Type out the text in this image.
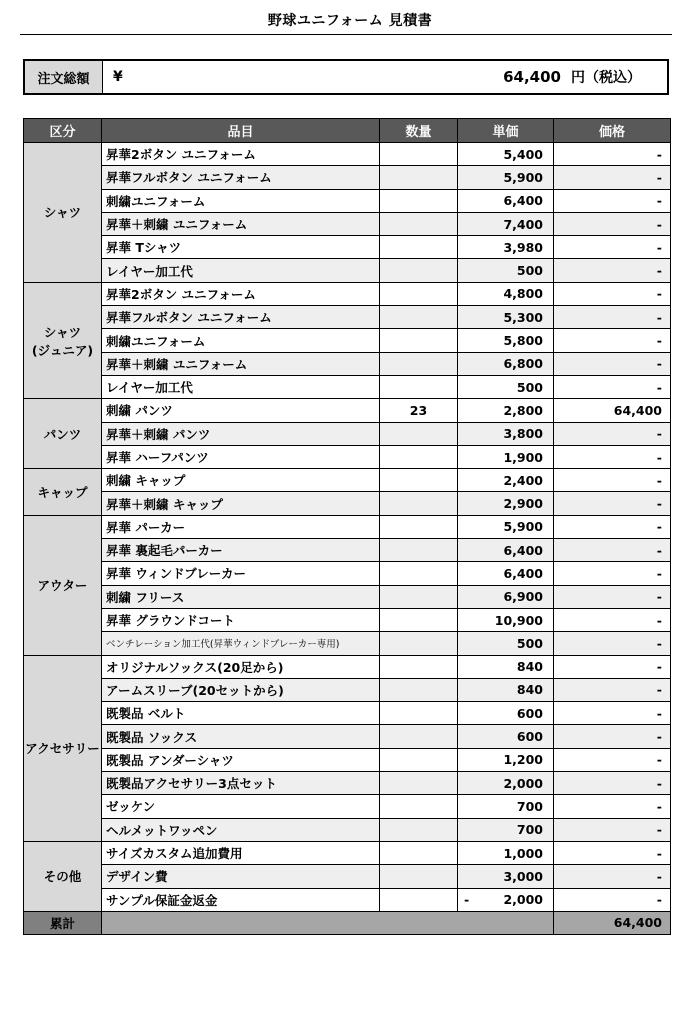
野球ユニフォーム 見積書
注文総額	¥	64,400 円（税込）
区分	品目	数量	単価	価格
シャツ	昇華2ボタン ユニフォーム		5,400	-
	昇華フルボタン ユニフォーム		5,900	-
	刺繍ユニフォーム		6,400	-
	昇華＋刺繍 ユニフォーム		7,400	-
	昇華 Tシャツ		3,980	-
	レイヤー加工代		500	-
シャツ
(ジュニア)	昇華2ボタン ユニフォーム		4,800	-
	昇華フルボタン ユニフォーム		5,300	-
	刺繍ユニフォーム		5,800	-
	昇華＋刺繍 ユニフォーム		6,800	-
	レイヤー加工代		500	-
パンツ	刺繍 パンツ	23	2,800	64,400
	昇華＋刺繍 パンツ		3,800	-
	昇華 ハーフパンツ		1,900	-
キャップ	刺繍 キャップ		2,400	-
	昇華＋刺繍 キャップ		2,900	-
アウター	昇華 パーカー		5,900	-
	昇華 裏起毛パーカー		6,400	-
	昇華 ウィンドブレーカー		6,400	-
	刺繍 フリース		6,900	-
	昇華 グラウンドコート		10,900	-
	ベンチレーション加工代(昇華ウィンドブレーカー専用)		500	-
アクセサリー	オリジナルソックス(20足から)		840	-
	アームスリーブ(20セットから)		840	-
	既製品 ベルト		600	-
	既製品 ソックス		600	-
	既製品 アンダーシャツ		1,200	-
	既製品アクセサリー3点セット		2,000	-
	ゼッケン		700	-
	ヘルメットワッペン		700	-
その他	サイズカスタム追加費用		1,000	-
	デザイン費		3,000	-
	サンプル保証金返金		- 2,000	-
累計				64,400
